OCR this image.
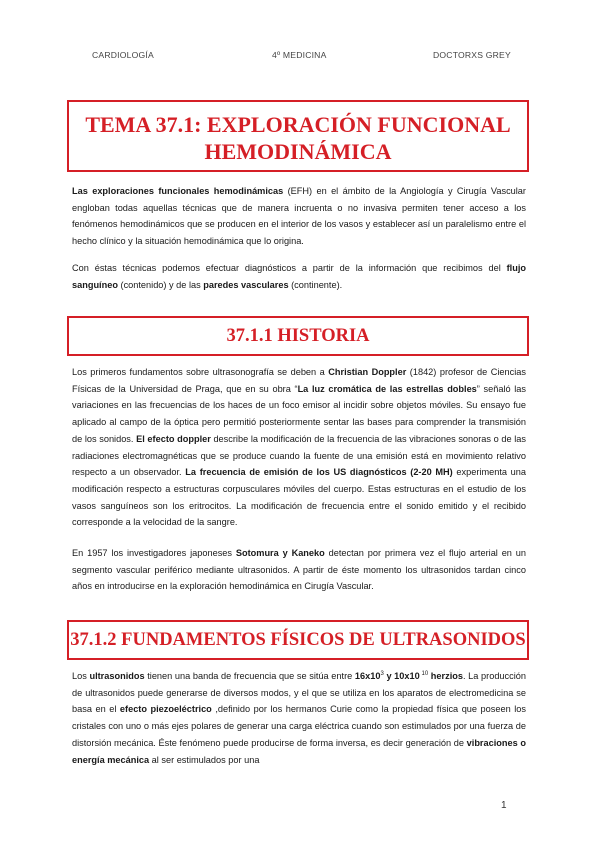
CARDIOLOGÍA	4º MEDICINA	DOCTORXS GREY
TEMA 37.1: EXPLORACIÓN FUNCIONAL
HEMODINÁMICA
Las exploraciones funcionales hemodinámicas (EFH) en el ámbito de la Angiología y Cirugía Vascular engloban todas aquellas técnicas que de manera incruenta o no invasiva permiten tener acceso a los fenómenos hemodinámicos que se producen en el interior de los vasos y establecer así un paralelismo entre el hecho clínico y la situación hemodinámica que lo origina.
Con éstas técnicas podemos efectuar diagnósticos a partir de la información que recibimos del flujo sanguíneo (contenido) y de las paredes vasculares (continente).
37.1.1 HISTORIA
Los primeros fundamentos sobre ultrasonografía se deben a Christian Doppler (1842) profesor de Ciencias Físicas de la Universidad de Praga, que en su obra “La luz cromática de las estrellas dobles” señaló las variaciones en las frecuencias de los haces de un foco emisor al incidir sobre objetos móviles. Su ensayo fue aplicado al campo de la óptica pero permitió posteriormente sentar las bases para comprender la transmisión de los sonidos. El efecto doppler describe la modificación de la frecuencia de las vibraciones sonoras o de las radiaciones electromagnéticas que se produce cuando la fuente de una emisión está en movimiento relativo respecto a un observador. La frecuencia de emisión de los US diagnósticos (2-20 MH) experimenta una modificación respecto a estructuras corpusculares móviles del cuerpo. Estas estructuras en el estudio de los vasos sanguíneos son los eritrocitos. La modificación de frecuencia entre el sonido emitido y el recibido corresponde a la velocidad de la sangre.
En 1957 los investigadores japoneses Sotomura y Kaneko detectan por primera vez el flujo arterial en un segmento vascular periférico mediante ultrasonidos. A partir de éste momento los ultrasonidos tardan cinco años en introducirse en la exploración hemodinámica en Cirugía Vascular.
37.1.2 FUNDAMENTOS FÍSICOS DE ULTRASONIDOS
Los ultrasonidos tienen una banda de frecuencia que se sitúa entre $16x10^3$ y 10x10 $^{10}$ herzios. La producción de ultrasonidos puede generarse de diversos modos, y el que se utiliza en los aparatos de electromedicina se basa en el efecto piezoeléctrico ,definido por los hermanos Curie como la propiedad física que poseen los cristales con uno o más ejes polares de generar una carga eléctrica cuando son estimulados por una fuerza de distorsión mecánica. Éste fenómeno puede producirse de forma inversa, es decir generación de vibraciones o energía mecánica al ser estimulados por una
1
